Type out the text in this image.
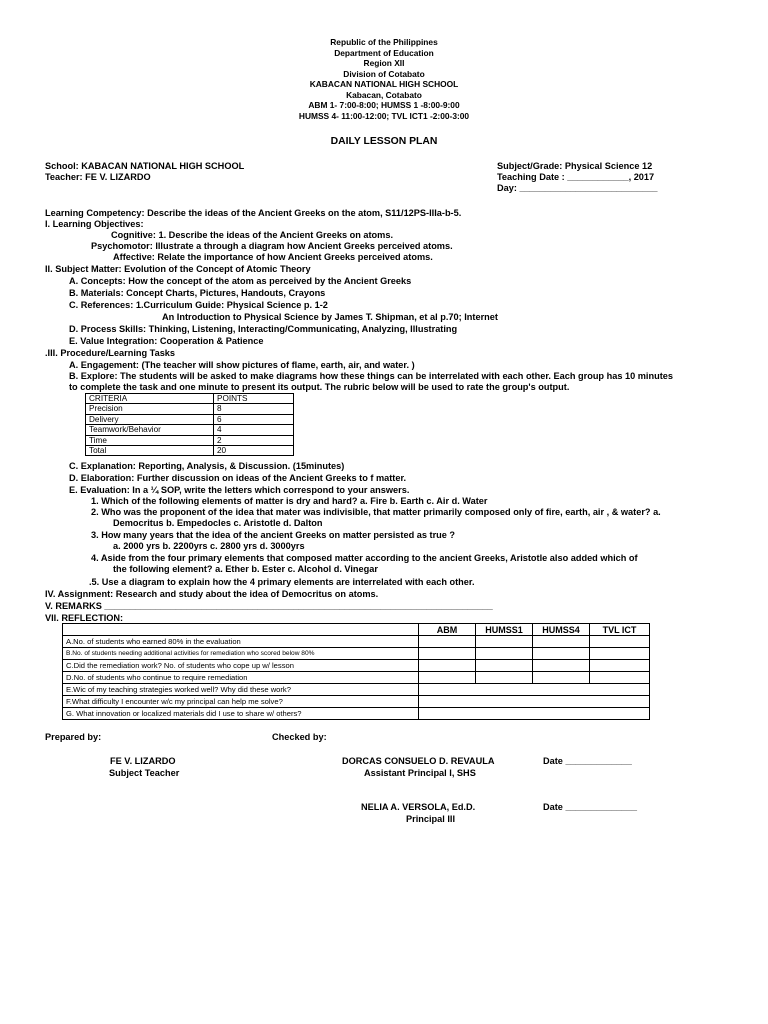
Republic of the Philippines
Department of Education
Region XII
Division of Cotabato
KABACAN NATIONAL HIGH SCHOOL
Kabacan, Cotabato
ABM 1- 7:00-8:00; HUMSS 1 -8:00-9:00
HUMSS 4- 11:00-12:00; TVL ICT1 -2:00-3:00
DAILY LESSON PLAN
School: KABACAN NATIONAL HIGH SCHOOL
Teacher: FE V. LIZARDO
Subject/Grade: Physical Science 12
Teaching Date : ____________, 2017
Day: ___________________________
Learning Competency: Describe the ideas of the Ancient Greeks on the atom, S11/12PS-IIIa-b-5.
I. Learning Objectives:
Cognitive: 1. Describe the ideas of the Ancient Greeks on atoms.
Psychomotor: Illustrate a through a diagram how Ancient Greeks perceived atoms.
Affective: Relate the importance of how Ancient Greeks perceived atoms.
II. Subject Matter: Evolution of the Concept of Atomic Theory
A. Concepts: How the concept of the atom as perceived by the Ancient Greeks
B. Materials: Concept Charts, Pictures, Handouts, Crayons
C. References: 1.Curriculum Guide: Physical Science p. 1-2
An Introduction to Physical Science by James T. Shipman, et al p.70; Internet
D. Process Skills: Thinking, Listening, Interacting/Communicating, Analyzing, Illustrating
E. Value Integration: Cooperation & Patience
.III. Procedure/Learning Tasks
A. Engagement: (The teacher will show pictures of flame, earth, air, and water. )
B. Explore: The students will be asked to make diagrams how these things can be interrelated with each other. Each group has 10 minutes
to complete the task and one minute to present its output. The rubric below will be used to rate the group's output.
CRITERIA	POINTS
Precision	8
Delivery	6
Teamwork/Behavior	4
Time	2
Total	20
C. Explanation: Reporting, Analysis, & Discussion. (15minutes)
D. Elaboration: Further discussion on ideas of the Ancient Greeks to f matter.
E. Evaluation: In a ¼ SOP, write the letters which correspond to your answers.
1. Which of the following elements of matter is dry and hard? a. Fire b. Earth c. Air d. Water
2. Who was the proponent of the idea that mater was indivisible, that matter primarily composed only of fire, earth, air , & water? a.
Democritus b. Empedocles c. Aristotle d. Dalton
3. How many years that the idea of the ancient Greeks on matter persisted as true ?
a. 2000 yrs b. 2200yrs c. 2800 yrs d. 3000yrs
4. Aside from the four primary elements that composed matter according to the ancient Greeks, Aristotle also added which of
the following element? a. Ether b. Ester c. Alcohol d. Vinegar
.5. Use a diagram to explain how the 4 primary elements are interrelated with each other.
IV. Assignment: Research and study about the idea of Democritus on atoms.
V. REMARKS ____________________________________________________________________________
VII. REFLECTION:
	ABM	HUMSS1	HUMSS4	TVL ICT
A.No. of students who earned 80% in the evaluation				
B.No. of students needing additional activities for remediation who scored below 80%				
C.Did the remediation work? No. of students who cope up w/ lesson				
D.No. of students who continue to require remediation				
E.Wic of my teaching strategies worked well? Why did these work?				
F.What difficulty I encounter w/c my principal can help me solve?				
G. What innovation or localized materials did I use to share w/ others?				
Prepared by:	Checked by:
FE V. LIZARDO
Subject Teacher
DORCAS CONSUELO D. REVAULA
Assistant Principal I, SHS
Date _____________
NELIA A. VERSOLA, Ed.D.
Principal III
Date ______________
